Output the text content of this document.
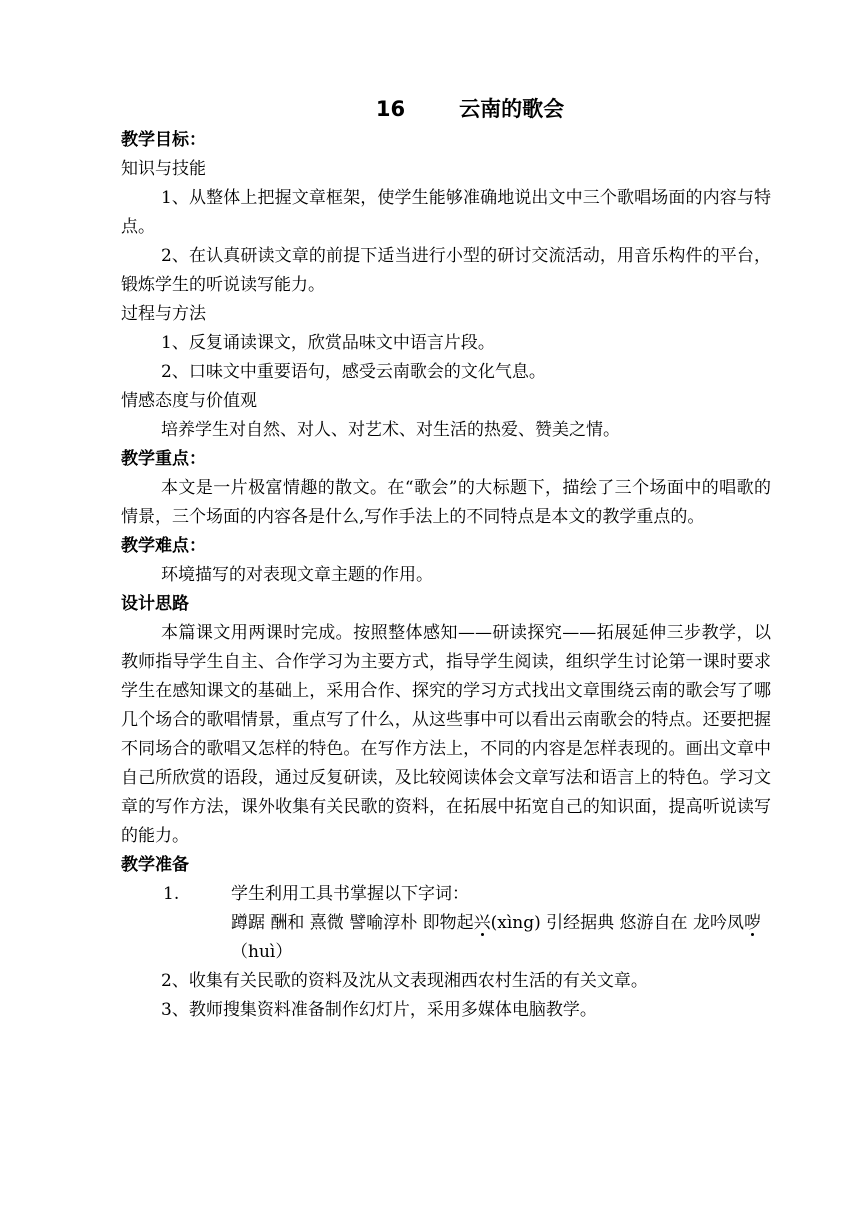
16	云南的歌会

教学目标：

知识与技能

1、从整体上把握文章框架，使学生能够准确地说出文中三个歌唱场面的内容与特点。

2、在认真研读文章的前提下适当进行小型的研讨交流活动，用音乐构件的平台，锻炼学生的听说读写能力。

过程与方法

1、反复诵读课文，欣赏品味文中语言片段。

2、口味文中重要语句，感受云南歌会的文化气息。

情感态度与价值观

培养学生对自然、对人、对艺术、对生活的热爱、赞美之情。

教学重点：

本文是一片极富情趣的散文。在“歌会”的大标题下，描绘了三个场面中的唱歌的情景，三个场面的内容各是什么,写作手法上的不同特点是本文的教学重点的。

教学难点：

环境描写的对表现文章主题的作用。

设计思路

本篇课文用两课时完成。按照整体感知——研读探究——拓展延伸三步教学，以教师指导学生自主、合作学习为主要方式，指导学生阅读，组织学生讨论第一课时要求学生在感知课文的基础上，采用合作、探究的学习方式找出文章围绕云南的歌会写了哪几个场合的歌唱情景，重点写了什么，从这些事中可以看出云南歌会的特点。还要把握不同场合的歌唱又怎样的特色。在写作方法上，不同的内容是怎样表现的。画出文章中自己所欣赏的语段，通过反复研读，及比较阅读体会文章写法和语言上的特色。学习文章的写作方法，课外收集有关民歌的资料，在拓展中拓宽自己的知识面，提高听说读写的能力。

教学准备

1.	学生利用工具书掌握以下字词：

蹲踞 酬和 熹微 譬喻淳朴 即物起兴(xìng) 引经据典 悠游自在 龙吟凤哕（huì）

2、收集有关民歌的资料及沈从文表现湘西农村生活的有关文章。

3、教师搜集资料准备制作幻灯片，采用多媒体电脑教学。
